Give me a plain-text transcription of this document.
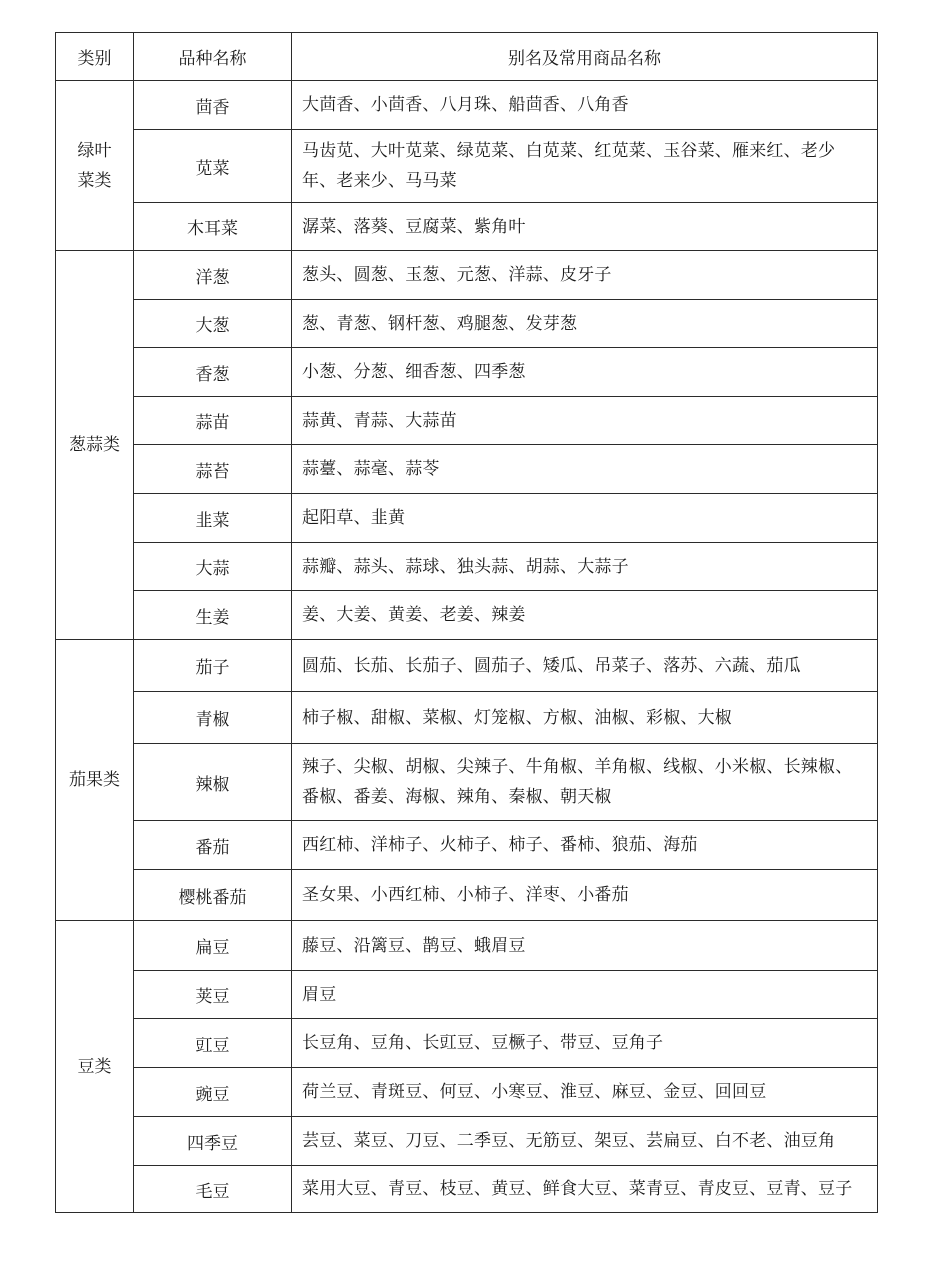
类别	品种名称	别名及常用商品名称
绿叶菜类	茴香	大茴香、小茴香、八月珠、船茴香、八角香
	苋菜	马齿苋、大叶苋菜、绿苋菜、白苋菜、红苋菜、玉谷菜、雁来红、老少年、老来少、马马菜
	木耳菜	潺菜、落葵、豆腐菜、紫角叶
葱蒜类	洋葱	葱头、圆葱、玉葱、元葱、洋蒜、皮牙子
	大葱	葱、青葱、钢杆葱、鸡腿葱、发芽葱
	香葱	小葱、分葱、细香葱、四季葱
	蒜苗	蒜黄、青蒜、大蒜苗
	蒜苔	蒜薹、蒜毫、蒜苓
	韭菜	起阳草、韭黄
	大蒜	蒜瓣、蒜头、蒜球、独头蒜、胡蒜、大蒜子
	生姜	姜、大姜、黄姜、老姜、辣姜
茄果类	茄子	圆茄、长茄、长茄子、圆茄子、矮瓜、吊菜子、落苏、六蔬、茄瓜
	青椒	柿子椒、甜椒、菜椒、灯笼椒、方椒、油椒、彩椒、大椒
	辣椒	辣子、尖椒、胡椒、尖辣子、牛角椒、羊角椒、线椒、小米椒、长辣椒、番椒、番姜、海椒、辣角、秦椒、朝天椒
	番茄	西红柿、洋柿子、火柿子、柿子、番柿、狼茄、海茄
	樱桃番茄	圣女果、小西红柿、小柿子、洋枣、小番茄
豆类	扁豆	藤豆、沿篱豆、鹊豆、蛾眉豆
	荚豆	眉豆
	豇豆	长豆角、豆角、长豇豆、豆橛子、带豆、豆角子
	豌豆	荷兰豆、青斑豆、何豆、小寒豆、淮豆、麻豆、金豆、回回豆
	四季豆	芸豆、菜豆、刀豆、二季豆、无筋豆、架豆、芸扁豆、白不老、油豆角
	毛豆	菜用大豆、青豆、枝豆、黄豆、鲜食大豆、菜青豆、青皮豆、豆青、豆子
